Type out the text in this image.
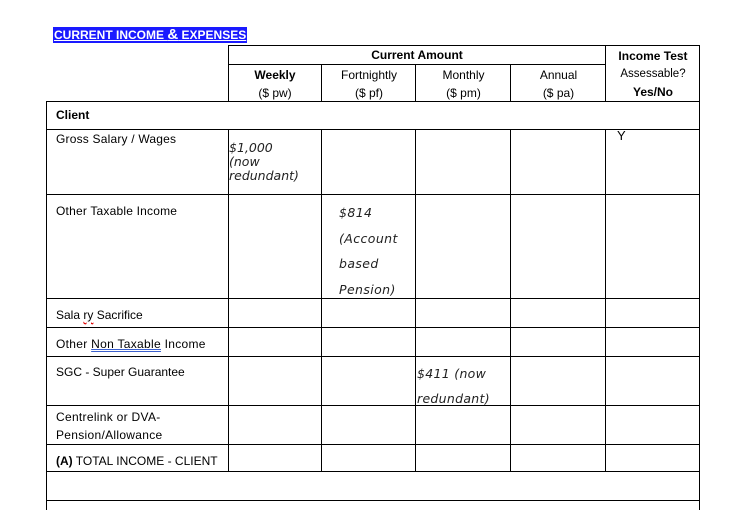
CURRENT INCOME & EXPENSES
Current Amount
Weekly
($ pw)
Fortnightly
($ pf)
Monthly
($ pm)
Annual
($ pa)
Income Test
Assessable?
Yes/No
Client
Gross Salary / Wages
$1,000
(now
redundant)
Y
Other Taxable Income	$814
(Account
based
Pension)
Sala ry Sacrifice
Other Non Taxable Income
SGC - Super Guarantee	$411 (now
redundant)
Centrelink or DVA-
Pension/Allowance
(A) TOTAL INCOME - CLIENT
